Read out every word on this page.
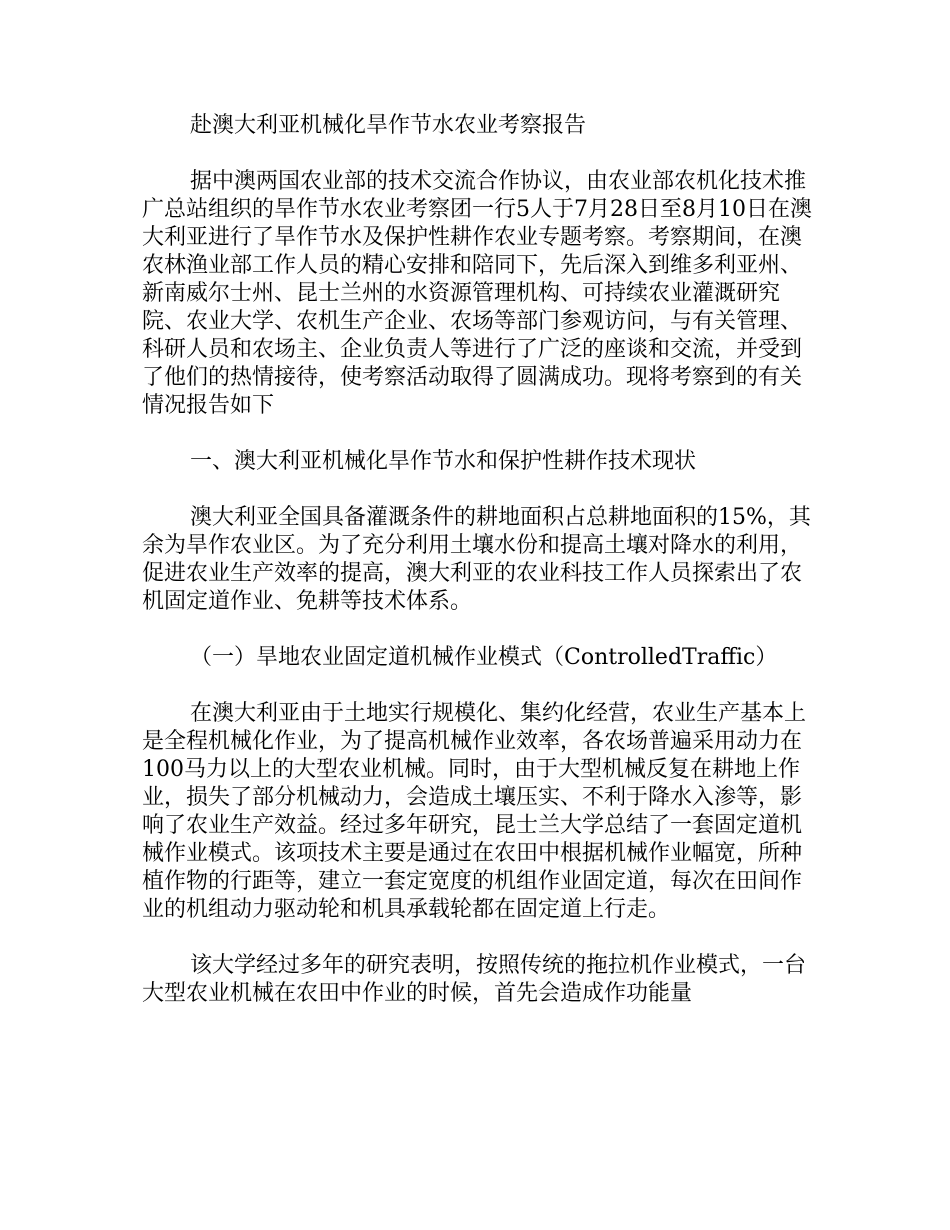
赴澳大利亚机械化旱作节水农业考察报告

据中澳两国农业部的技术交流合作协议，由农业部农机化技术推广总站组织的旱作节水农业考察团一行5人于7月28日至8月10日在澳大利亚进行了旱作节水及保护性耕作农业专题考察。考察期间，在澳农林渔业部工作人员的精心安排和陪同下，先后深入到维多利亚州、新南威尔士州、昆士兰州的水资源管理机构、可持续农业灌溉研究院、农业大学、农机生产企业、农场等部门参观访问，与有关管理、科研人员和农场主、企业负责人等进行了广泛的座谈和交流，并受到了他们的热情接待，使考察活动取得了圆满成功。现将考察到的有关情况报告如下

一、澳大利亚机械化旱作节水和保护性耕作技术现状

澳大利亚全国具备灌溉条件的耕地面积占总耕地面积的15%，其余为旱作农业区。为了充分利用土壤水份和提高土壤对降水的利用，促进农业生产效率的提高，澳大利亚的农业科技工作人员探索出了农机固定道作业、免耕等技术体系。

（一）旱地农业固定道机械作业模式（ControlledTraffic）

在澳大利亚由于土地实行规模化、集约化经营，农业生产基本上是全程机械化作业，为了提高机械作业效率，各农场普遍采用动力在100马力以上的大型农业机械。同时，由于大型机械反复在耕地上作业，损失了部分机械动力，会造成土壤压实、不利于降水入渗等，影响了农业生产效益。经过多年研究，昆士兰大学总结了一套固定道机械作业模式。该项技术主要是通过在农田中根据机械作业幅宽，所种植作物的行距等，建立一套定宽度的机组作业固定道，每次在田间作业的机组动力驱动轮和机具承载轮都在固定道上行走。

该大学经过多年的研究表明，按照传统的拖拉机作业模式，一台大型农业机械在农田中作业的时候，首先会造成作功能量
